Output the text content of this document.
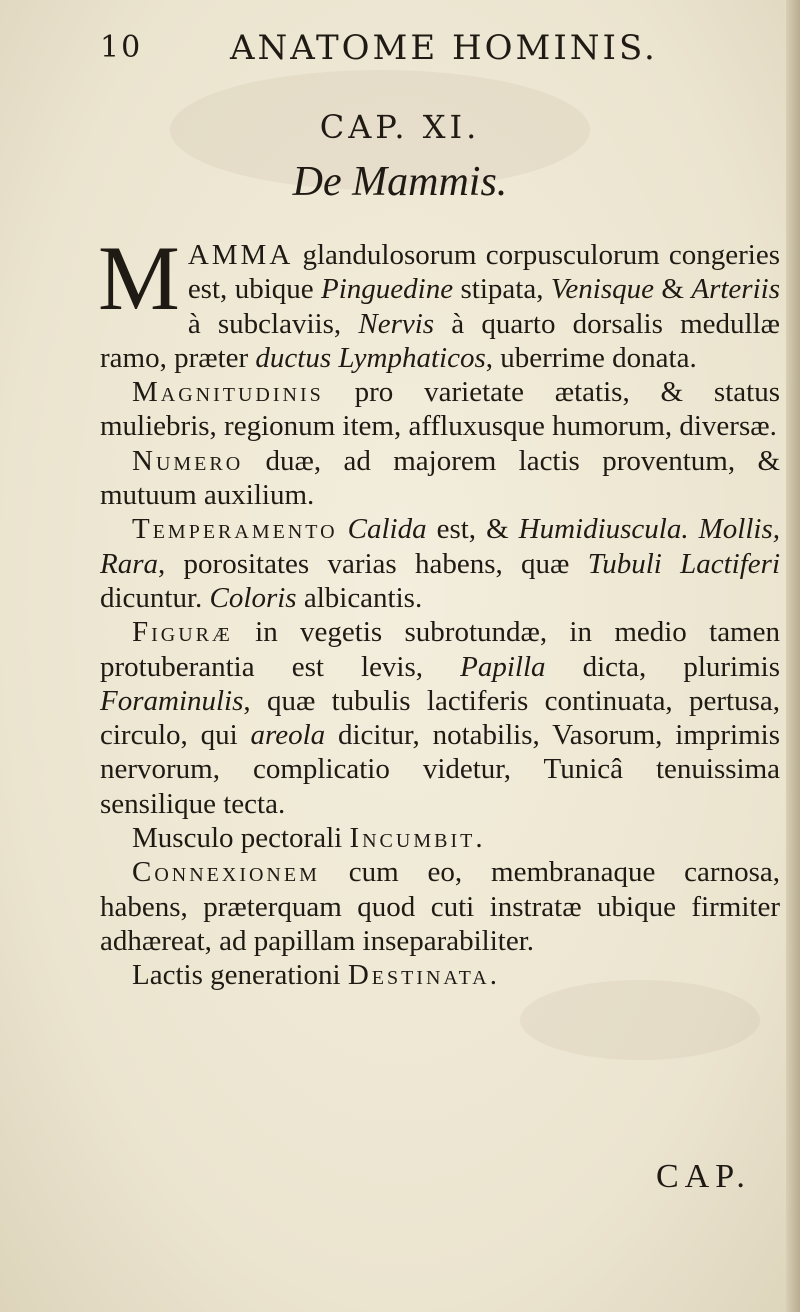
10	ANATOME HOMINIS.
CAP. XI.
De Mammis.

MAMMA glandulosorum corpusculorum congeries est, ubique Pinguedine stipata, Venisque & Arteriis à subclaviis, Nervis à quarto dorsalis medullæ ramo, præter ductus Lymphaticos, uberrime donata.

Magnitudinis pro varietate ætatis, & status muliebris, regionum item, affluxusque humorum, diversæ.

Numero duæ, ad majorem lactis proventum, & mutuum auxilium.

Temperamento Calida est, & Humidiuscula. Mollis, Rara, porositates varias habens, quæ Tubuli Lactiferi dicuntur. Coloris albicantis.

Figuræ in vegetis subrotundæ, in medio tamen protuberantia est levis, Papilla dicta, plurimis Foraminulis, quæ tubulis lactiferis continuata, pertusa, circulo, qui areola dicitur, notabilis, Vasorum, imprimis nervorum, complicatio videtur, Tunicâ tenuissima sensilique tecta.

Musculo pectorali Incumbit.

Connexionem cum eo, membranaque carnosa, habens, præterquam quod cuti instratæ ubique firmiter adhæreat, ad papillam inseparabiliter.

Lactis generationi Destinata.

CAP.
